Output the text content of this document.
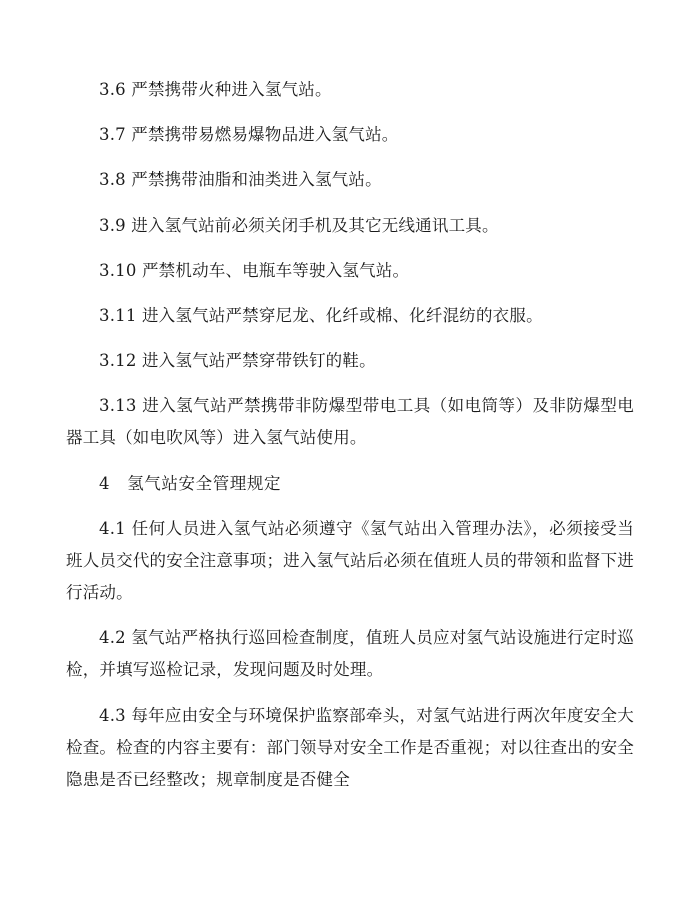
3.6 严禁携带火种进入氢气站。

3.7 严禁携带易燃易爆物品进入氢气站。

3.8 严禁携带油脂和油类进入氢气站。

3.9 进入氢气站前必须关闭手机及其它无线通讯工具。

3.10 严禁机动车、电瓶车等驶入氢气站。

3.11 进入氢气站严禁穿尼龙、化纤或棉、化纤混纺的衣服。

3.12 进入氢气站严禁穿带铁钉的鞋。

3.13 进入氢气站严禁携带非防爆型带电工具（如电筒等）及非防爆型电器工具（如电吹风等）进入氢气站使用。

4　氢气站安全管理规定

4.1 任何人员进入氢气站必须遵守《氢气站出入管理办法》，必须接受当班人员交代的安全注意事项；进入氢气站后必须在值班人员的带领和监督下进行活动。

4.2 氢气站严格执行巡回检查制度，值班人员应对氢气站设施进行定时巡检，并填写巡检记录，发现问题及时处理。

4.3 每年应由安全与环境保护监察部牵头，对氢气站进行两次年度安全大检查。检查的内容主要有：部门领导对安全工作是否重视；对以往查出的安全隐患是否已经整改；规章制度是否健全
